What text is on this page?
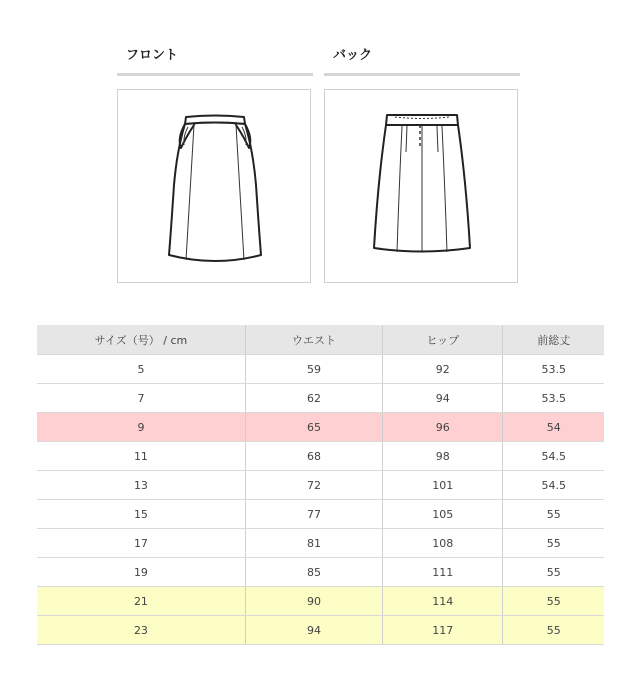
フロント	バック
サイズ（号） / cm	ウエスト	ヒップ	前総丈
5	59	92	53.5
7	62	94	53.5
9	65	96	54
11	68	98	54.5
13	72	101	54.5
15	77	105	55
17	81	108	55
19	85	111	55
21	90	114	55
23	94	117	55
